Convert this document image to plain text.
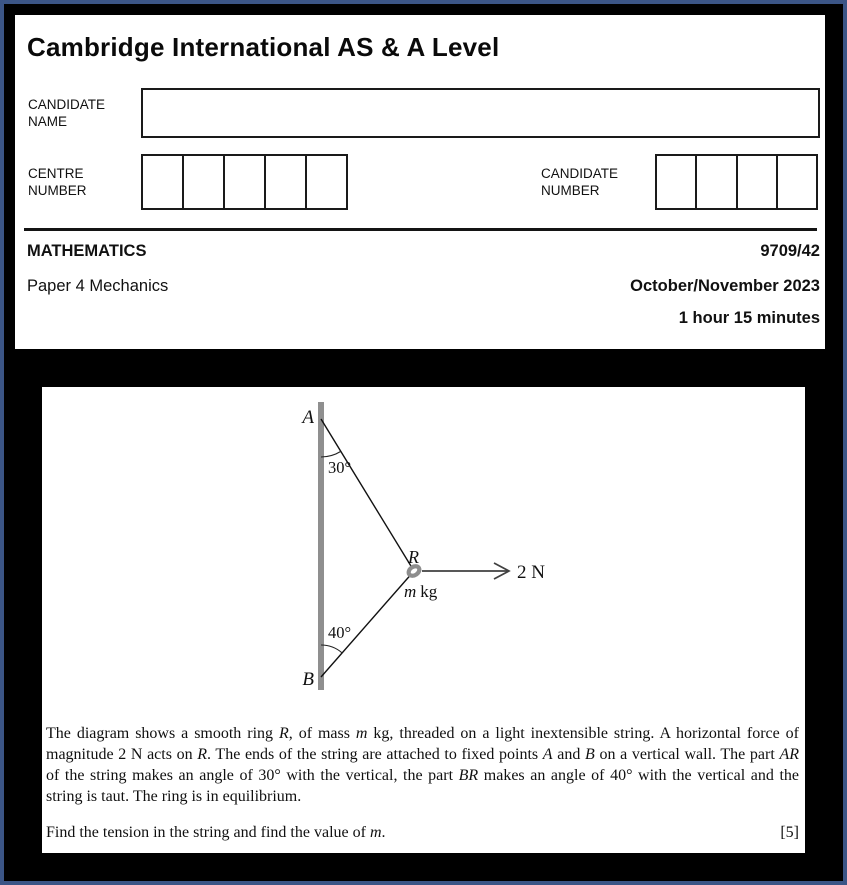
Cambridge International AS & A Level
CANDIDATE
NAME
CENTRE
NUMBER
CANDIDATE
NUMBER
MATHEMATICS	9709/42
Paper 4 Mechanics	October/November 2023
1 hour 15 minutes
A
B
30°
40°
R
m kg
2 N

The diagram shows a smooth ring R, of mass m kg, threaded on a light inextensible string. A horizontal force of magnitude 2 N acts on R. The ends of the string are attached to fixed points A and B on a vertical wall. The part AR of the string makes an angle of 30° with the vertical, the part BR makes an angle of 40° with the vertical and the string is taut. The ring is in equilibrium.

Find the tension in the string and find the value of m.	[5]
